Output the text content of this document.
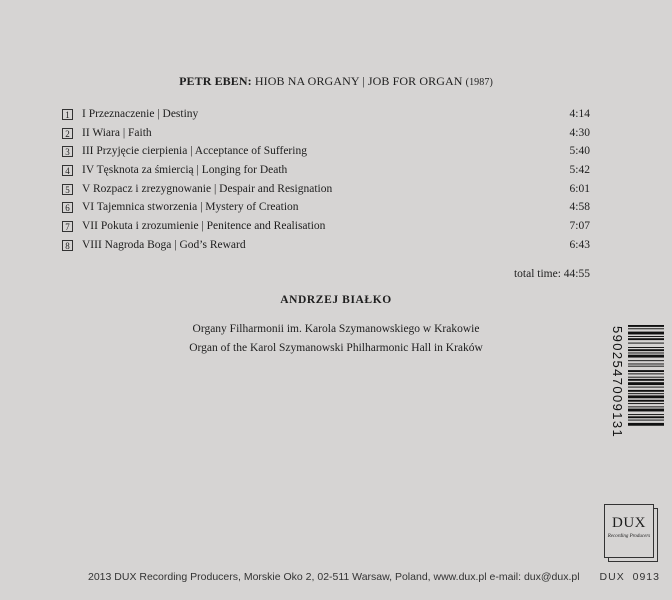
PETR EBEN: HIOB NA ORGANY | JOB FOR ORGAN (1987)
1 I Przeznaczenie | Destiny	4:14
2 II Wiara | Faith	4:30
3 III Przyjęcie cierpienia | Acceptance of Suffering	5:40
4 IV Tęsknota za śmiercią | Longing for Death	5:42
5 V Rozpacz i zrezygnowanie | Despair and Resignation	6:01
6 VI Tajemnica stworzenia | Mystery of Creation	4:58
7 VII Pokuta i zrozumienie | Penitence and Realisation	7:07
8 VIII Nagroda Boga | God’s Reward	6:43
total time: 44:55
ANDRZEJ BIAŁKO
Organy Filharmonii im. Karola Szymanowskiego w Krakowie
Organ of the Karol Szymanowski Philharmonic Hall in Kraków	5902547009131
DUX
Recording Producers
2013 DUX Recording Producers, Morskie Oko 2, 02-511 Warsaw, Poland, www.dux.pl e-mail: dux@dux.pl DUX 0913
